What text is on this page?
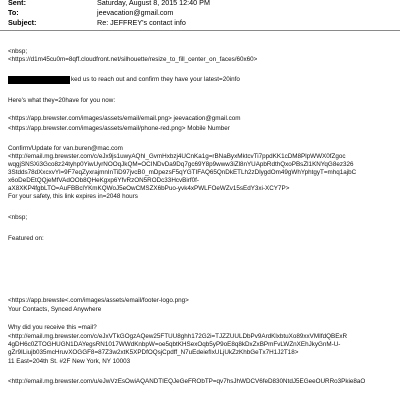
Sent:	Saturday, August 8, 2015 12:40 PM
To:	jeevacation@gmail.com
Subject:	Re: JEFFREY's contact info
<nbsp;
<https://d1m45cu0m=8qff.cloudfront.net/silhouette/resize_to_fill_center_on_faces/60x60>
ked us to reach out and confirm they have your latest=20info
Here's what they=20have for you now:
<https://app.brewster.com/images/assets/email/email.png> jeevacation@gmail.com
<https://app.brewster.com/images/assets/email/phone-red.png> Mobile Number
Confirm/Update for van.buren@mac.com
<http://email.mg.brewster.com/c/eJx9js1uwyAQhl_GvmHxbzj4UCnKa1g=rBNaByxMktcvTi7ppdKK1cDM8PlpWWX0fZgoc
wqgjSNSXi3Gco8z24tyhp0YiwUyrNOOqJkQM=OCINDvDa9Dq7gc69Y8p9www3iZl8nYUApbRdthQxoPBsZl1KNYqG8ez326
3Stdds78dXxcxvYl=9F7eqZyxrajmnInTiD97jvcB0_mDpezsF5qYGTIFAQ65QnDkETLh2zDlygdOm49gWhYphtgyT=mhq1ajbC
x6oDeDEtQQjeMfVAdOOb8QHeKgxp6YfvRzON5RODc33HcvBirf0f-
aX8XKP4fgbLTO=AuFBBclYKmKQWoJ5eOwCMSZX6bPuo-yvk4xPWLFOeWZv15sEdY3xi-XCY7P>
For your safety, this link expires in=2048 hours
<nbsp;
Featured on:
<https://app.brewste<.com/images/assets/email/footer-logo.png>
Your Contacts, Synced Anywhere
Why did you receive this =mail?
<http://email.mg.brewster.com/c/eJxVTkGOgzAQew25FTUU8ghh172G2i=TJZZUULDbPv9ArdKlxbtuXo89xxVMIfdQBExR
4gDH6c0ZTOGHUGN1DAYegsRN1017WWdKnbpW=oe5qbtKHSexOqb5yP9oE8q8kDxZxBPmFvLWZnXEhJkyGnM-U-
gZr9ILiujb035mcHruvXOGGF8=87Z3w2xtK5XPDfOQsjCpdff_N7uEdeiefIxULjUkZzKhbGeTx7H1J2T18>
11 East=204th St. #2F New York, NY 10003
<http://email.mg.brewster.com/u/eJwVzEsOwiAQANDTIEQJeGeFRObTP=qv7hsJhWDCV6feD830NtdJ5EGeeOURRo3Pkie8aO
